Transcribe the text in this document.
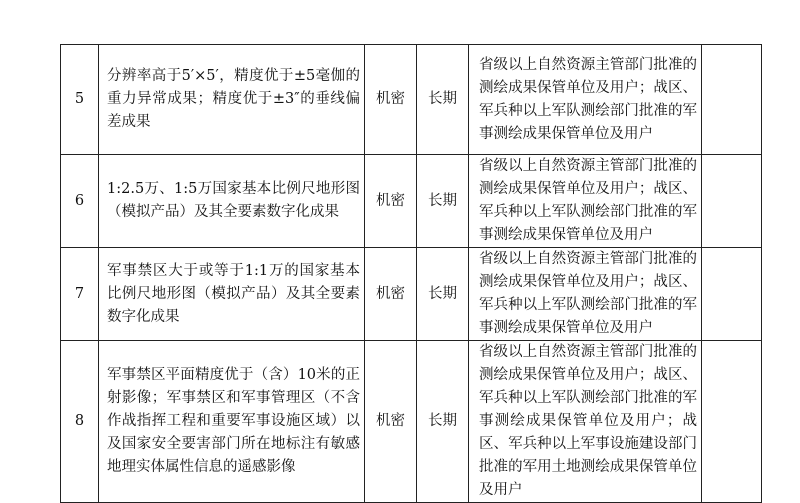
5	分辨率高于5′×5′，精度优于±5毫伽的重力异常成果；精度优于±3″的垂线偏差成果	机密	长期	省级以上自然资源主管部门批准的测绘成果保管单位及用户；战区、军兵种以上军队测绘部门批准的军事测绘成果保管单位及用户	

6	1:2.5万、1:5万国家基本比例尺地形图（模拟产品）及其全要素数字化成果	机密	长期	省级以上自然资源主管部门批准的测绘成果保管单位及用户；战区、军兵种以上军队测绘部门批准的军事测绘成果保管单位及用户	

7	军事禁区大于或等于1:1万的国家基本比例尺地形图（模拟产品）及其全要素数字化成果	机密	长期	省级以上自然资源主管部门批准的测绘成果保管单位及用户；战区、军兵种以上军队测绘部门批准的军事测绘成果保管单位及用户	

8	军事禁区平面精度优于（含）10米的正射影像；军事禁区和军事管理区（不含作战指挥工程和重要军事设施区域）以及国家安全要害部门所在地标注有敏感地理实体属性信息的遥感影像	机密	长期	省级以上自然资源主管部门批准的测绘成果保管单位及用户；战区、军兵种以上军队测绘部门批准的军事测绘成果保管单位及用户；战区、军兵种以上军事设施建设部门批准的军用土地测绘成果保管单位及用户	
